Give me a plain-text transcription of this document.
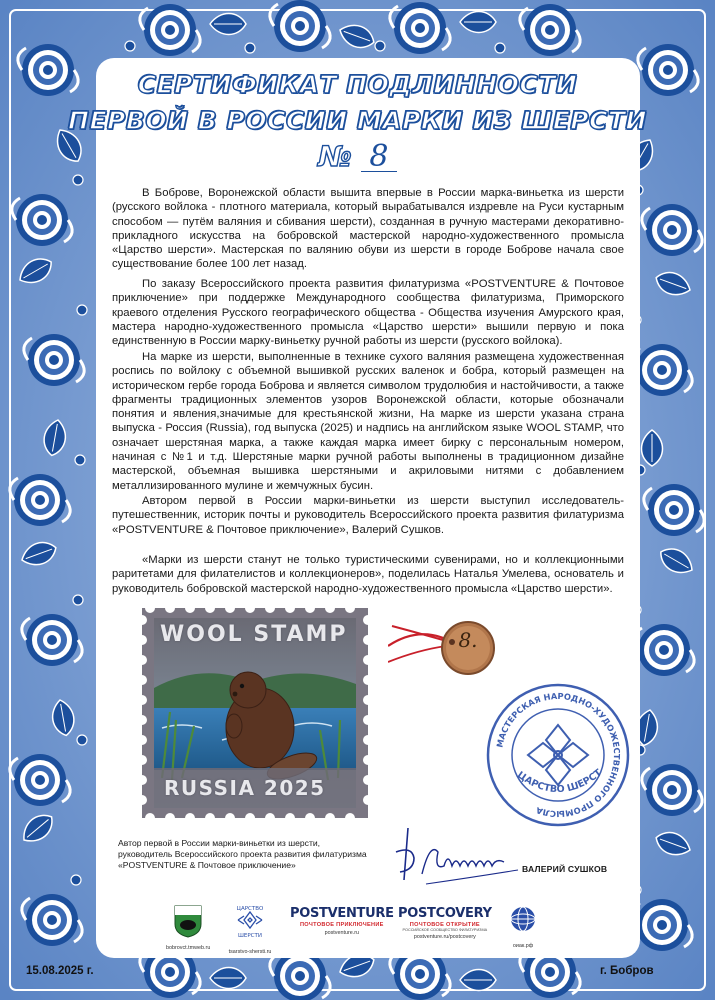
СЕРТИФИКАТ ПОДЛИННОСТИ
ПЕРВОЙ В РОССИИ МАРКИ ИЗ ШЕРСТИ
№ 8

В Боброве, Воронежской области вышита впервые в России марка-виньетка из шерсти (русского войлока - плотного материала, который вырабатывался издревле на Руси кустарным способом — путём валяния и сбивания шерсти), созданная в ручную мастерами декоративно-прикладного искусства на бобровской мастерской народно-художественного промысла «Царство шерсти». Мастерская по валянию обуви из шерсти в городе Боброве начала свое существование более 100 лет назад.

По заказу Всероссийского проекта развития филатуризма «POSTVENTURE & Почтовое приключение» при поддержке Международного сообщества филатуризма, Приморского краевого отделения Русского географического общества - Общества изучения Амурского края, мастера народно-художественного промысла «Царство шерсти» вышили первую и пока единственную в России марку-виньетку ручной работы из шерсти (русского войлока).

На марке из шерсти, выполненные в технике сухого валяния размещена художественная роспись по войлоку с объемной вышивкой русских валенок и бобра, который размещен на историческом гербе города Боброва и является символом трудолюбия и настойчивости, а также фрагменты традиционных элементов узоров Воронежской области, которые обозначали понятия и явления,значимые для крестьянской жизни, На марке из шерсти указана страна выпуска - Россия (Russia), год выпуска (2025) и надпись на английском языке WOOL STAMP, что означает шерстяная марка, а также каждая марка имеет бирку с персональным номером, начиная с №1 и т.д. Шерстяные марки ручной работы выполнены в традиционном дизайне мастерской, объемная вышивка шерстяными и акриловыми нитями с добавлением металлизированного мулине и жемчужных бусин.

Автором первой в России марки-виньетки из шерсти выступил исследователь-путешественник, историк почты и руководитель Всероссийского проекта развития филатуризма «POSTVENTURE & Почтовое приключение», Валерий Сушков.

«Марки из шерсти станут не только туристическими сувенирами, но и коллекционными раритетами для филателистов и коллекционеров», поделилась Наталья Умелева, основатель и руководитель бобровской мастерской народно-художественного промысла «Царство шерсти».

WOOL STAMP
RUSSIA 2025
8.
МАСТЕРСКАЯ НАРОДНО-ХУДОЖЕСТВЕННОГО ПРОМЫСЛА
ЦАРСТВО ШЕРСТ
Автор первой в России марки-виньетки из шерсти,
руководитель Всероссийского проекта развития филатуризма
«POSTVENTURE & Почтовое приключение»	ВАЛЕРИЙ СУШКОВ
bobrovct.tmweb.ru
ЦАРСТВО
ШЕРСТИ
tsarstvo-shersti.ru
POSTVENTURE
ПОЧТОВОЕ ПРИКЛЮЧЕНИЕ
postventure.ru
POSTCOVERY
ПОЧТОВОЕ ОТКРЫТИЕ
РОССИЙСКОЕ СООБЩЕСТВО ФИЛАТУРИЗМА
postventure.ru/postcovery
оиак.рф
15.08.2025 г.	г. Бобров
